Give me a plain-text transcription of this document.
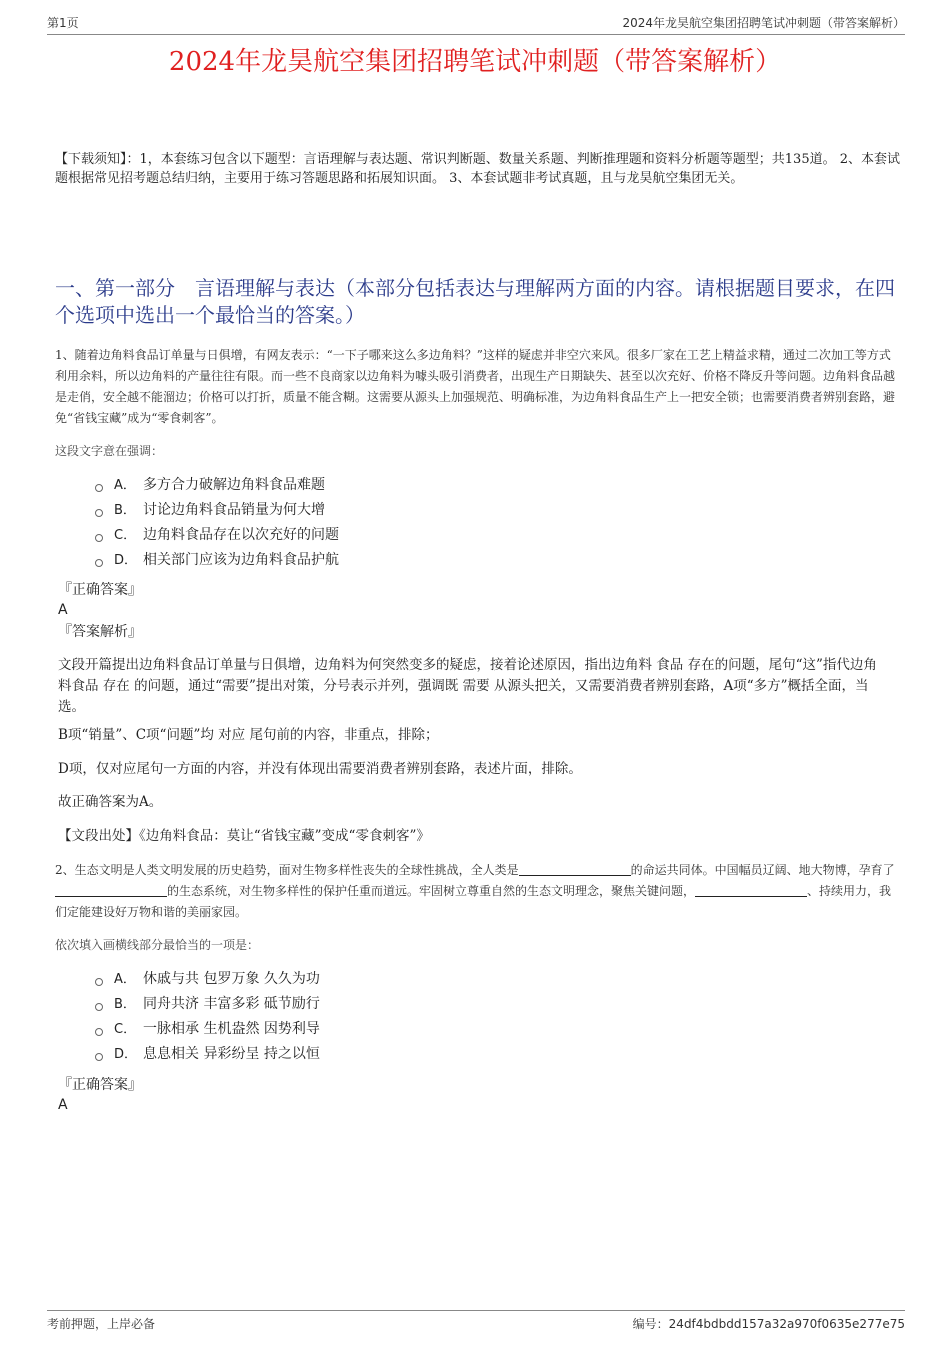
第1页	2024年龙昊航空集团招聘笔试冲刺题（带答案解析）
2024年龙昊航空集团招聘笔试冲刺题（带答案解析）

【下载须知】：1，本套练习包含以下题型：言语理解与表达题、常识判断题、数量关系题、判断推理题和资料分析题等题型；共135道。 2、本套试题根据常见招考题总结归纳，主要用于练习答题思路和拓展知识面。 3、本套试题非考试真题，且与龙昊航空集团无关。

一、第一部分　言语理解与表达（本部分包括表达与理解两方面的内容。请根据题目要求，在四个选项中选出一个最恰当的答案。）

1、随着边角料食品订单量与日俱增，有网友表示：“一下子哪来这么多边角料？”这样的疑虑并非空穴来风。很多厂家在工艺上精益求精，通过二次加工等方式利用余料，所以边角料的产量往往有限。而一些不良商家以边角料为噱头吸引消费者，出现生产日期缺失、甚至以次充好、价格不降反升等问题。边角料食品越是走俏，安全越不能溜边；价格可以打折，质量不能含糊。这需要从源头上加强规范、明确标准，为边角料食品生产上一把安全锁；也需要消费者辨别套路，避免“省钱宝藏”成为“零食刺客”。

这段文字意在强调：

A． 多方合力破解边角料食品难题
B． 讨论边角料食品销量为何大增
C． 边角料食品存在以次充好的问题
D． 相关部门应该为边角料食品护航

『正确答案』

A

『答案解析』

文段开篇提出边角料食品订单量与日俱增，边角料为何突然变多的疑虑，接着论述原因，指出边角料 食品 存在的问题，尾句“这”指代边角料食品 存在 的问题，通过“需要”提出对策，分号表示并列，强调既 需要 从源头把关，又需要消费者辨别套路，A项“多方”概括全面，当选。

B项“销量”、C项“问题”均 对应 尾句前的内容，非重点，排除；

D项，仅对应尾句一方面的内容，并没有体现出需要消费者辨别套路，表述片面，排除。

故正确答案为A。

【文段出处】《边角料食品：莫让“省钱宝藏”变成“零食刺客”》

2、生态文明是人类文明发展的历史趋势，面对生物多样性丧失的全球性挑战，全人类是	的命运共同体。中国幅员辽阔、地大物博，孕育了的生态系统，对生物多样性的保护任重而道远。牢固树立尊重自然的生态文明理念，聚焦关键问题，	、持续用力，我们定能建设好万物和谐的美丽家园。

依次填入画横线部分最恰当的一项是：

A． 休戚与共 包罗万象 久久为功
B． 同舟共济 丰富多彩 砥节励行
C． 一脉相承 生机盎然 因势利导
D． 息息相关 异彩纷呈 持之以恒

『正确答案』

A

考前押题，上岸必备	编号：24df4bdbdd157a32a970f0635e277e75
